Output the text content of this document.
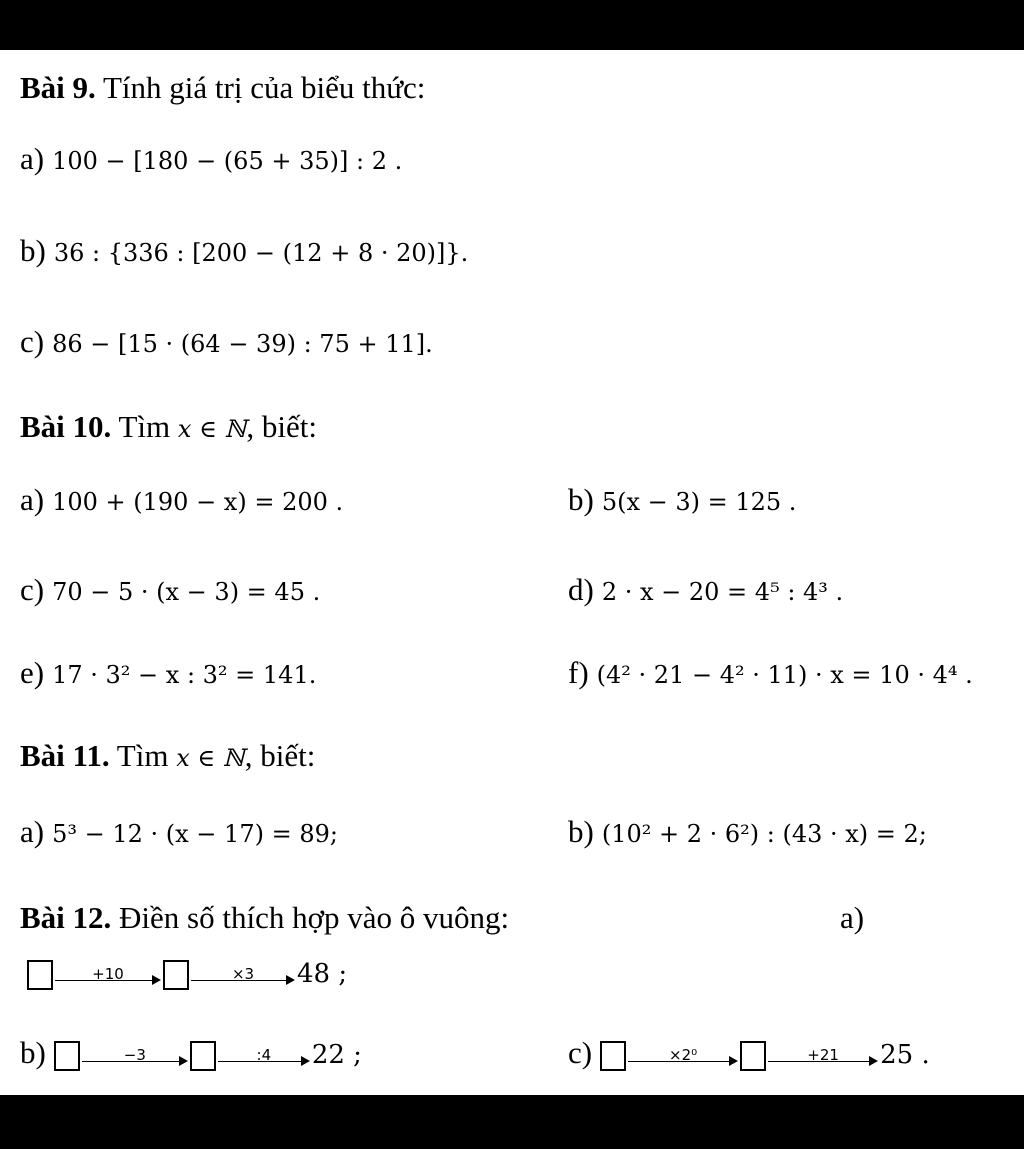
Bài 9. Tính giá trị của biểu thức:
a) 100 − [180 − (65 + 35)] : 2 .
b) 36 : {336 : [200 − (12 + 8 · 20)]}.
c) 86 − [15 · (64 − 39) : 75 + 11].
Bài 10. Tìm x ∈ ℕ, biết:
a) 100 + (190 − x) = 200 .	b) 5(x − 3) = 125 .
c) 70 − 5 · (x − 3) = 45 .	d) 2 · x − 20 = 4⁵ : 4³ .
e) 17 · 3² − x : 3² = 141.	f) (4² · 21 − 4² · 11) · x = 10 · 4⁴ .
Bài 11. Tìm x ∈ ℕ, biết:
a) 5³ − 12 · (x − 17) = 89;	b) (10² + 2 · 6²) : (43 · x) = 2;
Bài 12. Điền số thích hợp vào ô vuông:	a)
+10	×3	48 ;
b)	−3	:4	22 ;	c)	×2⁰	+21	25 .
